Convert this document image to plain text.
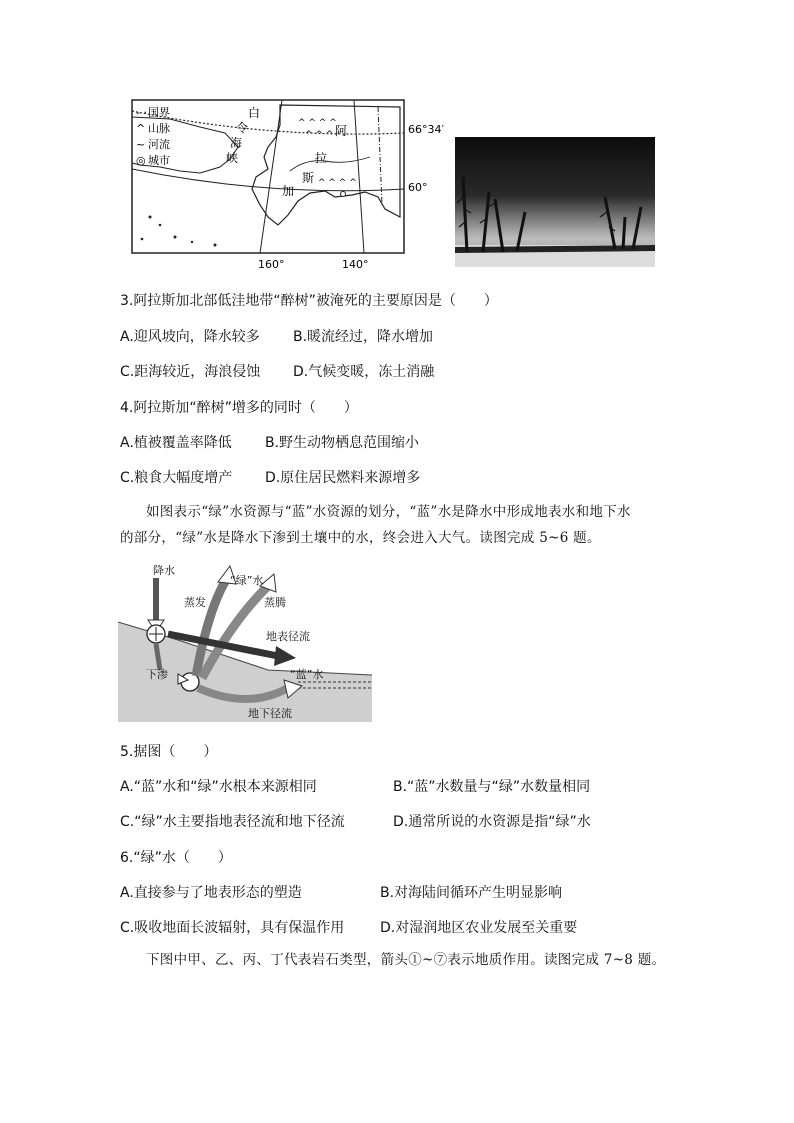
^ ^ ^ ^
^ ^ ^
^ ^ ^ ^
- · 国界
^ 山脉
~ 河流
◎ 城市
白
令
海
峡
阿
拉
斯
加
66°34′
60°
160°	140°
3.阿拉斯加北部低洼地带“醉树”被淹死的主要原因是（　　）
A.迎风坡向，降水较多 B.暖流经过，降水增加
C.距海较近，海浪侵蚀 D.气候变暖，冻土消融
4.阿拉斯加“醉树”增多的同时（　　）
A.植被覆盖率降低 B.野生动物栖息范围缩小
C.粮食大幅度增产 D.原住居民燃料来源增多
如图表示“绿”水资源与“蓝”水资源的划分，“蓝”水是降水中形成地表水和地下水
的部分，“绿”水是降水下渗到土壤中的水，终会进入大气。读图完成 5~6 题。
降水
“绿”水
蒸发	蒸腾
地表径流
下渗	“蓝”水
地下径流
5.据图（　　）
A.“蓝”水和“绿”水根本来源相同	B.“蓝”水数量与“绿”水数量相同
C.“绿”水主要指地表径流和地下径流	D.通常所说的水资源是指“绿”水
6.“绿”水（　　）
A.直接参与了地表形态的塑造	B.对海陆间循环产生明显影响
C.吸收地面长波辐射，具有保温作用	D.对湿润地区农业发展至关重要
下图中甲、乙、丙、丁代表岩石类型，箭头①~⑦表示地质作用。读图完成 7~8 题。
